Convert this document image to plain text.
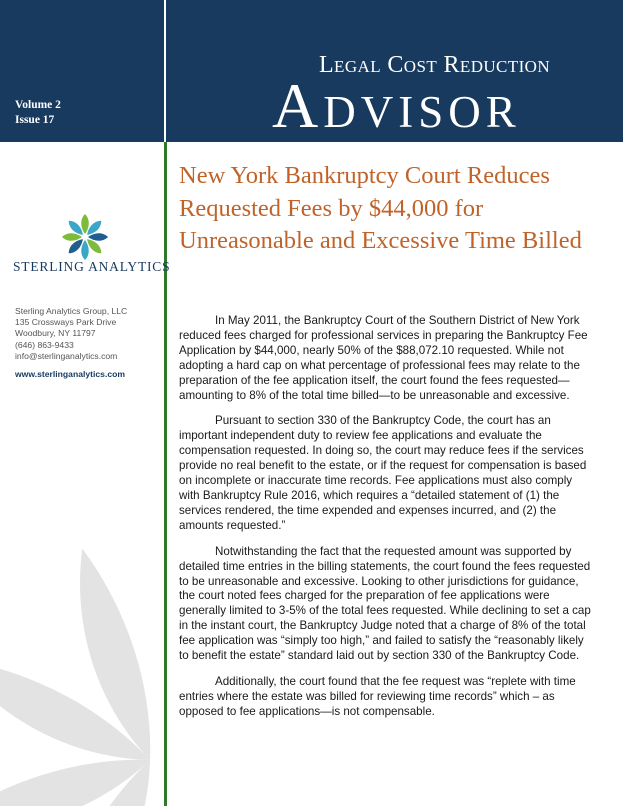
Volume 2
Issue 17
Legal Cost Reduction
Advisor
STERLING ANALYTICS
Sterling Analytics Group, LLC
135 Crossways Park Drive
Woodbury, NY 11797
(646) 863-9433
info@sterlinganalytics.com
www.sterlinganalytics.com
New York Bankruptcy Court Reduces Requested Fees by $44,000 for Unreasonable and Excessive Time Billed

In May 2011, the Bankruptcy Court of the Southern District of New York reduced fees charged for professional services in preparing the Bankruptcy Fee Application by $44,000, nearly 50% of the $88,072.10 requested. While not adopting a hard cap on what percentage of professional fees may relate to the preparation of the fee application itself, the court found the fees requested—amounting to 8% of the total time billed—to be unreasonable and excessive.

Pursuant to section 330 of the Bankruptcy Code, the court has an important independent duty to review fee applications and evaluate the compensation requested. In doing so, the court may reduce fees if the services provide no real benefit to the estate, or if the request for compensation is based on incomplete or inaccurate time records. Fee applications must also comply with Bankruptcy Rule 2016, which requires a “detailed statement of (1) the services rendered, the time expended and expenses incurred, and (2) the amounts requested.”

Notwithstanding the fact that the requested amount was supported by detailed time entries in the billing statements, the court found the fees requested to be unreasonable and excessive. Looking to other jurisdictions for guidance, the court noted fees charged for the preparation of fee applications were generally limited to 3-5% of the total fees requested. While declining to set a cap in the instant court, the Bankruptcy Judge noted that a charge of 8% of the total fee application was “simply too high,” and failed to satisfy the “reasonably likely to benefit the estate” standard laid out by section 330 of the Bankruptcy Code.

Additionally, the court found that the fee request was “replete with time entries where the estate was billed for reviewing time records” which – as opposed to fee applications—is not compensable.
